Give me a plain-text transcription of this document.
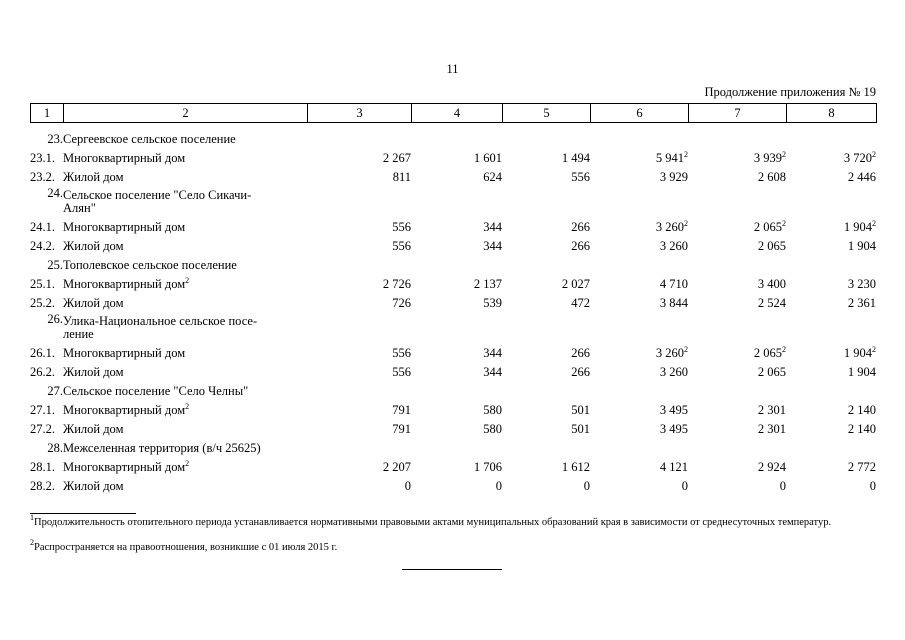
11
Продолжение приложения № 19
1	2	3	4	5	6	7	8
23.	Сергеевское сельское поселение						
23.1.	Многоквартирный дом	2 267	1 601	1 494	5 $941^2$	3 $939^2$	3 $720^2$
23.2.	Жилой дом	811	624	556	3 929	2 608	2 446
24.	Сельское поселение "Село Сикачи-
Алян"						
24.1.	Многоквартирный дом	556	344	266	3 $260^2$	2 $065^2$	1 $904^2$
24.2.	Жилой дом	556	344	266	3 260	2 065	1 904
25.	Тополевское сельское поселение						
25.1.	Многоквартирный дом$^2$	2 726	2 137	2 027	4 710	3 400	3 230
25.2.	Жилой дом	726	539	472	3 844	2 524	2 361
26.	Улика-Национальное сельское посе-
ление						
26.1.	Многоквартирный дом	556	344	266	3 $260^2$	2 $065^2$	1 $904^2$
26.2.	Жилой дом	556	344	266	3 260	2 065	1 904
27.	Сельское поселение "Село Челны"						
27.1.	Многоквартирный дом$^2$	791	580	501	3 495	2 301	2 140
27.2.	Жилой дом	791	580	501	3 495	2 301	2 140
28.	Межселенная территория (в/ч 25625)						
28.1.	Многоквартирный дом$^2$	2 207	1 706	1 612	4 121	2 924	2 772
28.2.	Жилой дом	0	0	0	0	0	0
$^1$Продолжительность отопительного периода устанавливается нормативными правовыми актами муниципальных образований края в зависимости от среднесуточных температур.
$^2$Распространяется на правоотношения, возникшие с 01 июля 2015 г.
